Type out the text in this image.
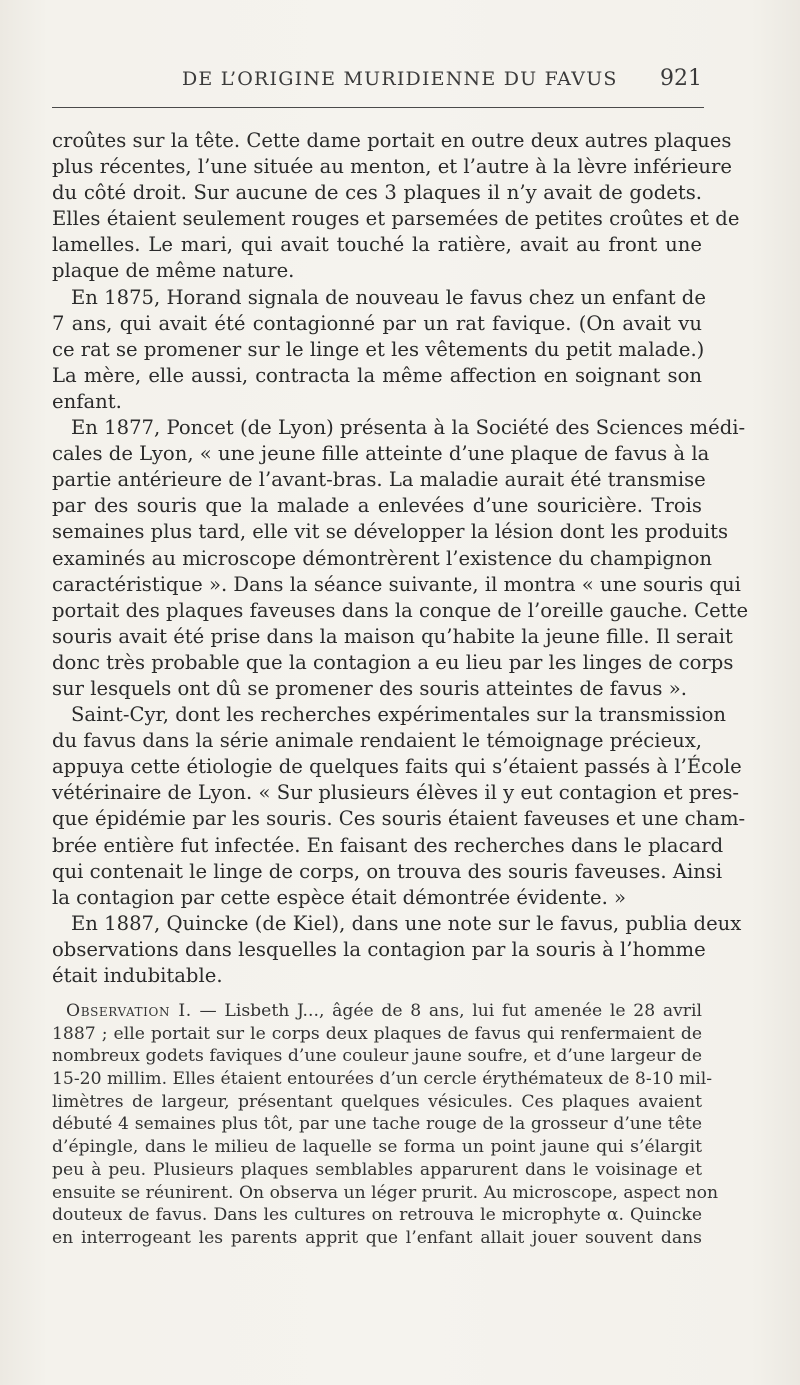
DE L’ORIGINE MURIDIENNE DU FAVUS 921
croûtes sur la tête. Cette dame portait en outre deux autres plaques
plus récentes, l’une située au menton, et l’autre à la lèvre inférieure
du côté droit. Sur aucune de ces 3 plaques il n’y avait de godets.
Elles étaient seulement rouges et parsemées de petites croûtes et de
lamelles. Le mari, qui avait touché la ratière, avait au front une
plaque de même nature.
En 1875, Horand signala de nouveau le favus chez un enfant de
7 ans, qui avait été contagionné par un rat favique. (On avait vu
ce rat se promener sur le linge et les vêtements du petit malade.)
La mère, elle aussi, contracta la même affection en soignant son
enfant.
En 1877, Poncet (de Lyon) présenta à la Société des Sciences médi-
cales de Lyon, « une jeune fille atteinte d’une plaque de favus à la
partie antérieure de l’avant-bras. La maladie aurait été transmise
par des souris que la malade a enlevées d’une souricière. Trois
semaines plus tard, elle vit se développer la lésion dont les produits
examinés au microscope démontrèrent l’existence du champignon
caractéristique ». Dans la séance suivante, il montra « une souris qui
portait des plaques faveuses dans la conque de l’oreille gauche. Cette
souris avait été prise dans la maison qu’habite la jeune fille. Il serait
donc très probable que la contagion a eu lieu par les linges de corps
sur lesquels ont dû se promener des souris atteintes de favus ».
Saint-Cyr, dont les recherches expérimentales sur la transmission
du favus dans la série animale rendaient le témoignage précieux,
appuya cette étiologie de quelques faits qui s’étaient passés à l’École
vétérinaire de Lyon. « Sur plusieurs élèves il y eut contagion et pres-
que épidémie par les souris. Ces souris étaient faveuses et une cham-
brée entière fut infectée. En faisant des recherches dans le placard
qui contenait le linge de corps, on trouva des souris faveuses. Ainsi
la contagion par cette espèce était démontrée évidente. »
En 1887, Quincke (de Kiel), dans une note sur le favus, publia deux
observations dans lesquelles la contagion par la souris à l’homme
était indubitable.
Observation I. — Lisbeth J..., âgée de 8 ans, lui fut amenée le 28 avril
1887 ; elle portait sur le corps deux plaques de favus qui renfermaient de
nombreux godets faviques d’une couleur jaune soufre, et d’une largeur de
15-20 millim. Elles étaient entourées d’un cercle érythémateux de 8-10 mil-
limètres de largeur, présentant quelques vésicules. Ces plaques avaient
débuté 4 semaines plus tôt, par une tache rouge de la grosseur d’une tête
d’épingle, dans le milieu de laquelle se forma un point jaune qui s’élargit
peu à peu. Plusieurs plaques semblables apparurent dans le voisinage et
ensuite se réunirent. On observa un léger prurit. Au microscope, aspect non
douteux de favus. Dans les cultures on retrouva le microphyte α. Quincke
en interrogeant les parents apprit que l’enfant allait jouer souvent dans
